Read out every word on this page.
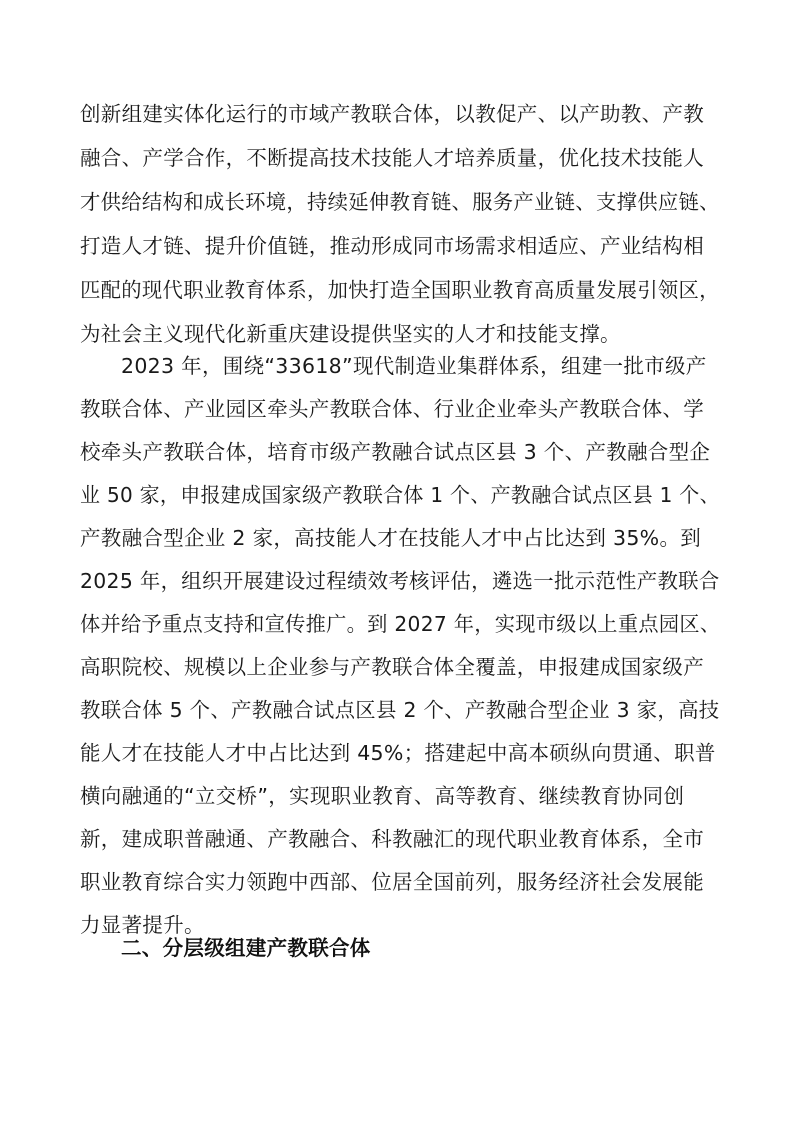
创新组建实体化运行的市域产教联合体，以教促产、以产助教、产教
融合、产学合作，不断提高技术技能人才培养质量，优化技术技能人
才供给结构和成长环境，持续延伸教育链、服务产业链、支撑供应链、
打造人才链、提升价值链，推动形成同市场需求相适应、产业结构相
匹配的现代职业教育体系，加快打造全国职业教育高质量发展引领区，
为社会主义现代化新重庆建设提供坚实的人才和技能支撑。
2023 年，围绕“33618”现代制造业集群体系，组建一批市级产
教联合体、产业园区牵头产教联合体、行业企业牵头产教联合体、学
校牵头产教联合体，培育市级产教融合试点区县 3 个、产教融合型企
业 50 家，申报建成国家级产教联合体 1 个、产教融合试点区县 1 个、
产教融合型企业 2 家，高技能人才在技能人才中占比达到 35%。到
2025 年，组织开展建设过程绩效考核评估，遴选一批示范性产教联合
体并给予重点支持和宣传推广。到 2027 年，实现市级以上重点园区、
高职院校、规模以上企业参与产教联合体全覆盖，申报建成国家级产
教联合体 5 个、产教融合试点区县 2 个、产教融合型企业 3 家，高技
能人才在技能人才中占比达到 45%；搭建起中高本硕纵向贯通、职普
横向融通的“立交桥”，实现职业教育、高等教育、继续教育协同创
新，建成职普融通、产教融合、科教融汇的现代职业教育体系，全市
职业教育综合实力领跑中西部、位居全国前列，服务经济社会发展能
力显著提升。
二、分层级组建产教联合体
